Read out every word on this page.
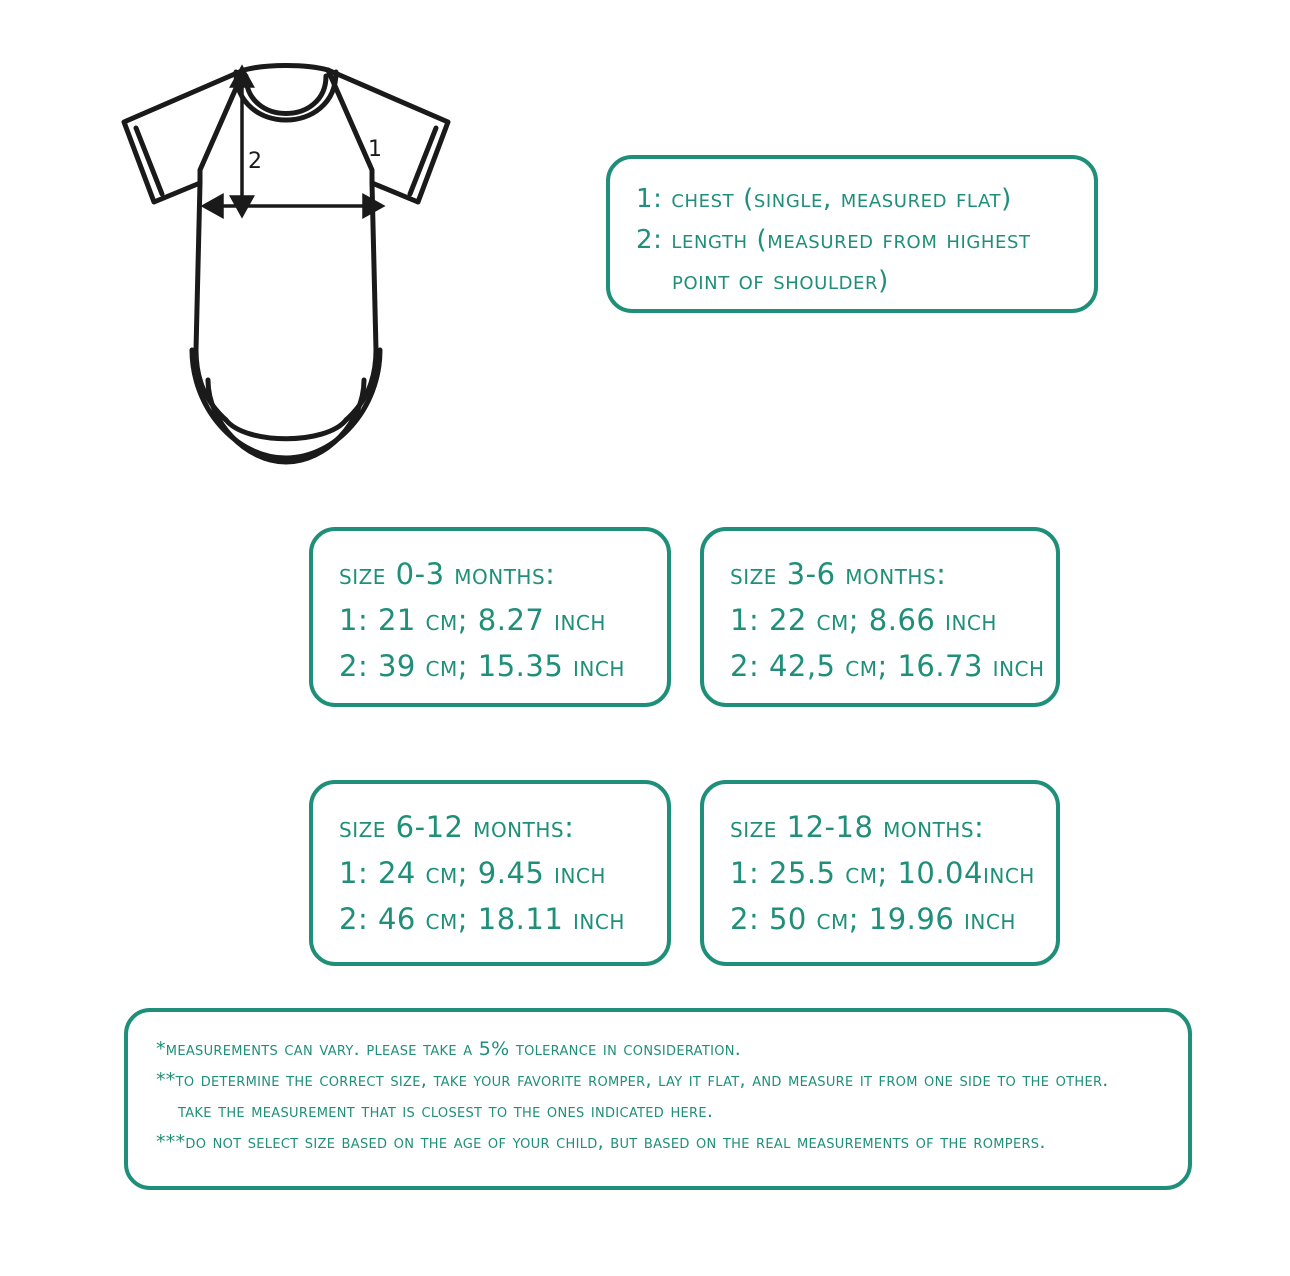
1
2
1: chest (single, measured flat)
2: length (measured from highest
point of shoulder)
size 0-3 months:
1: 21 cm; 8.27 inch
2: 39 cm; 15.35 inch
size 3-6 months:
1: 22 cm; 8.66 inch
2: 42,5 cm; 16.73 inch
size 6-12 months:
1: 24 cm; 9.45 inch
2: 46 cm; 18.11 inch
size 12-18 months:
1: 25.5 cm; 10.04inch
2: 50 cm; 19.96 inch
*measurements can vary. please take a 5% tolerance in consideration.
**to determine the correct size, take your favorite romper, lay it flat, and measure it from one side to the other.
take the measurement that is closest to the ones indicated here.
***do not select size based on the age of your child, but based on the real measurements of the rompers.
